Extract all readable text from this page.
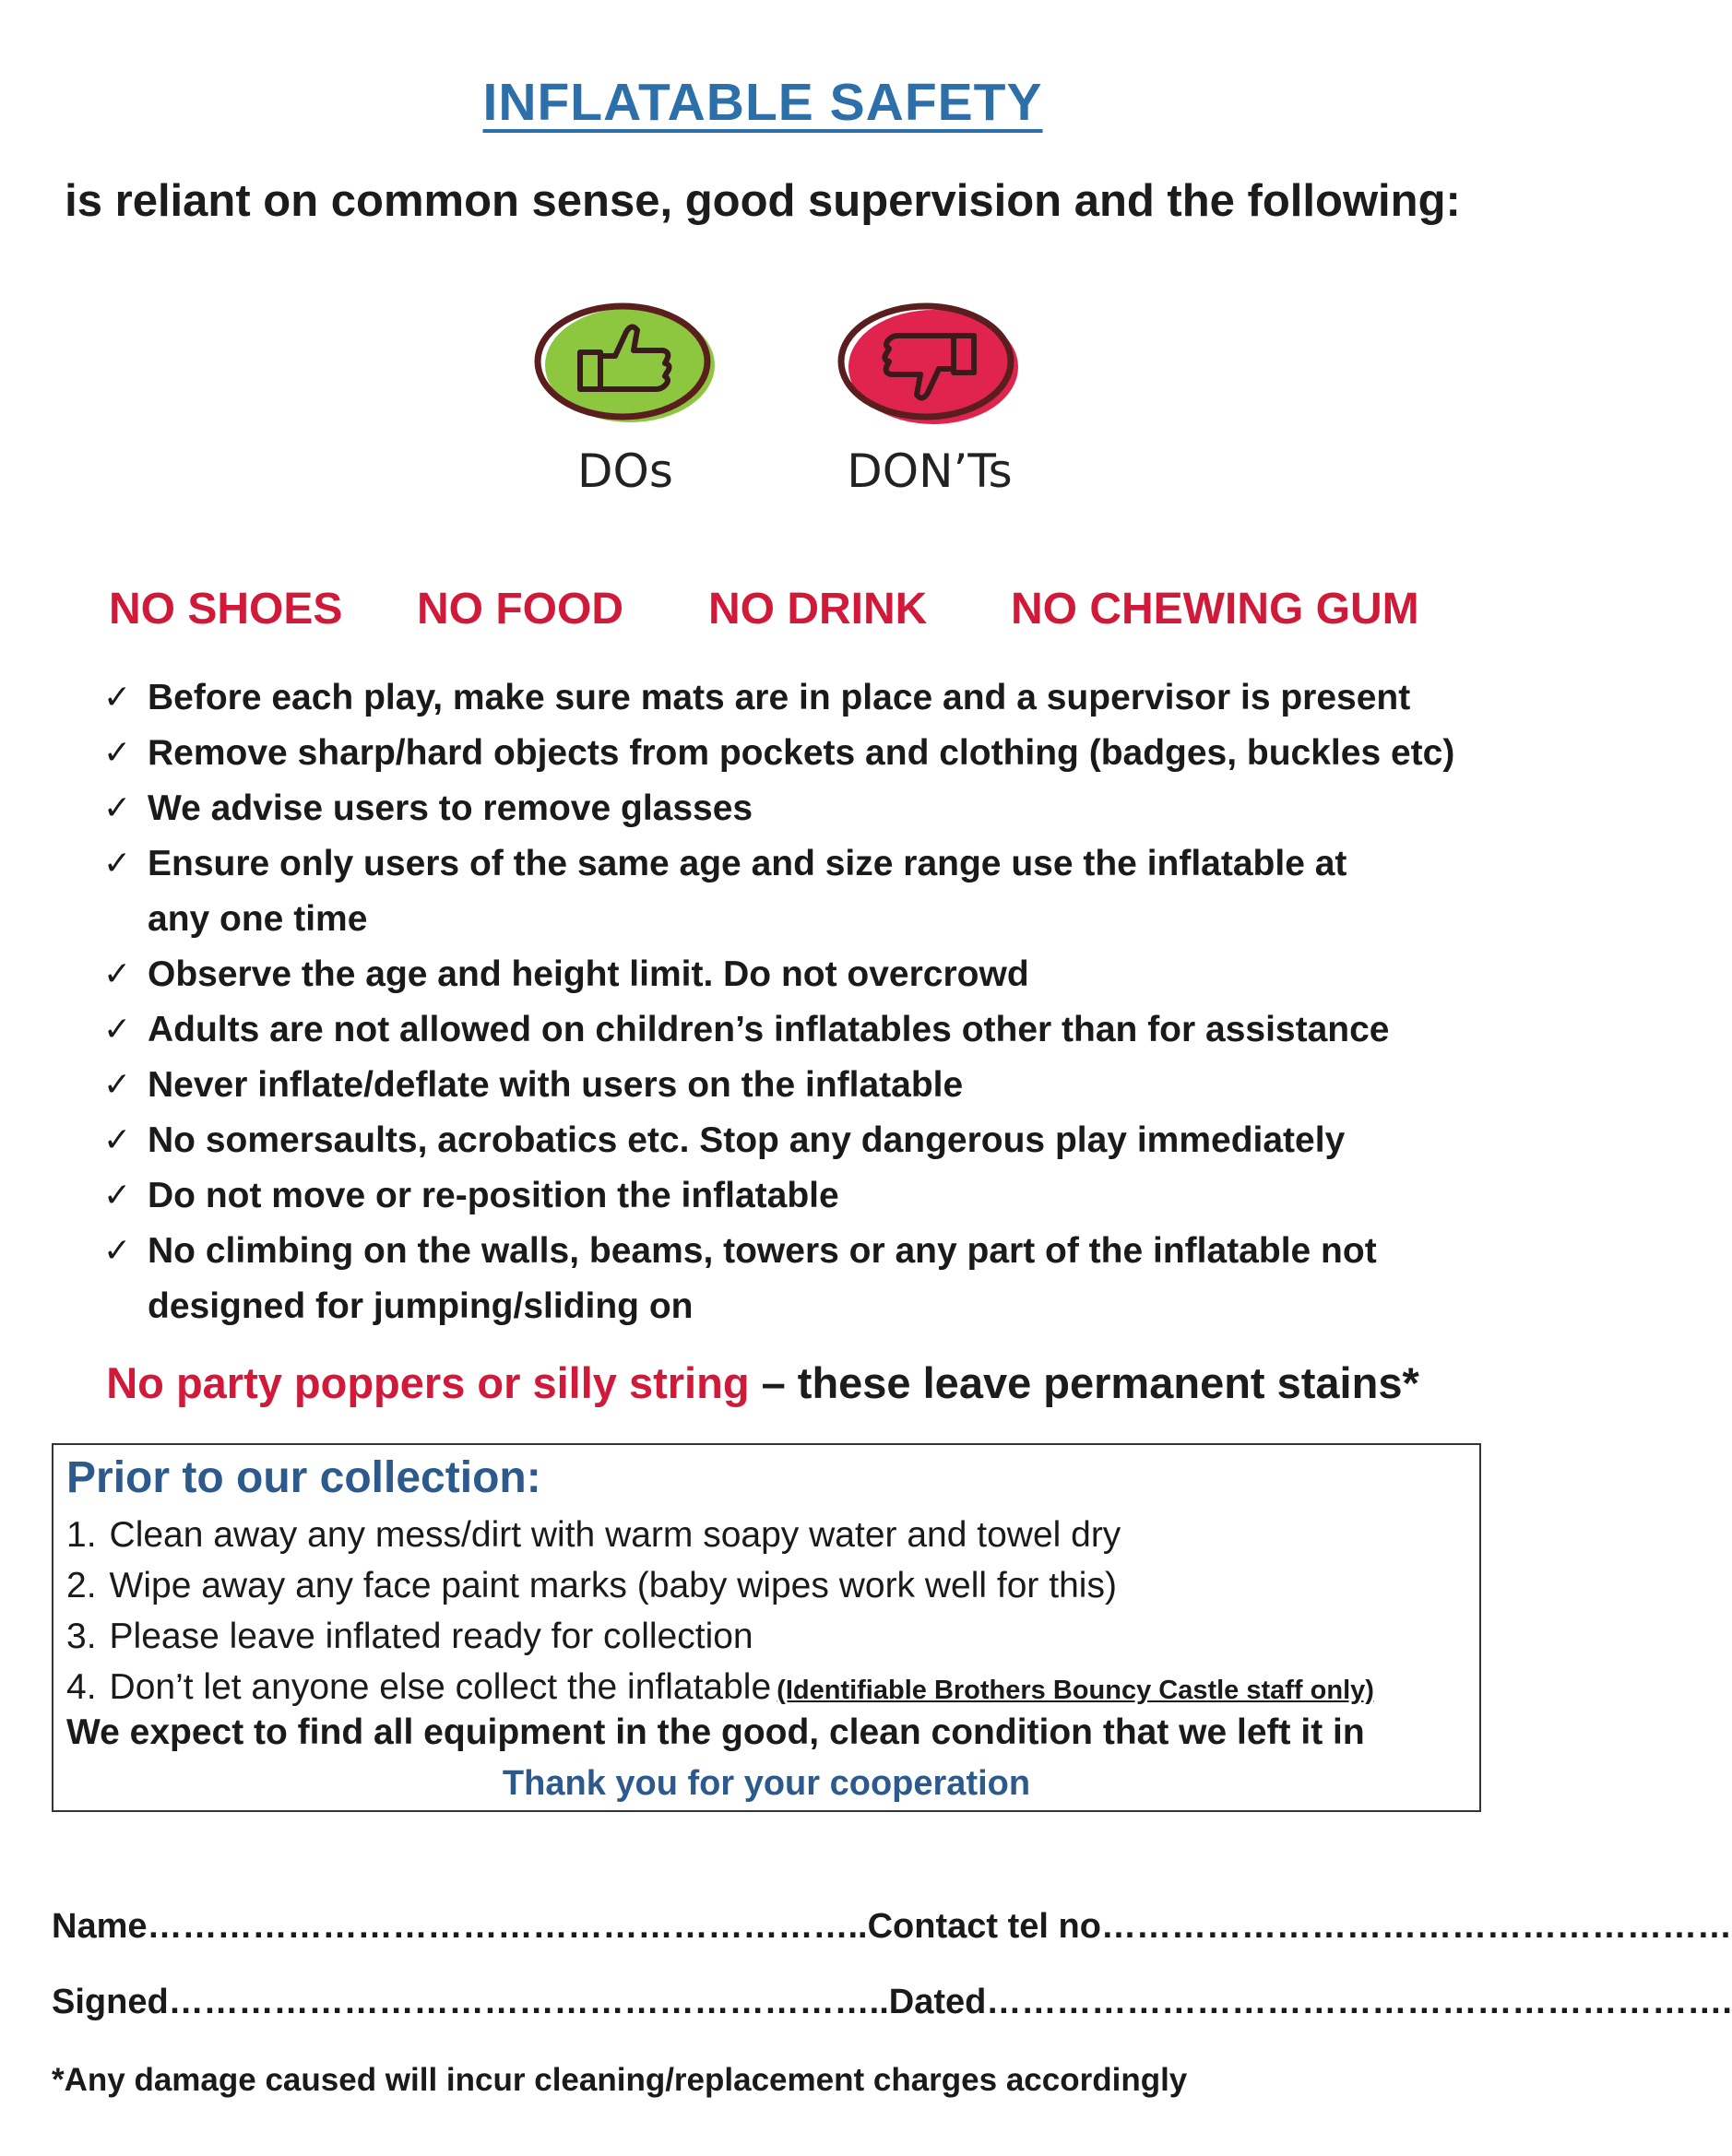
INFLATABLE SAFETY
is reliant on common sense, good supervision and the following:
DOs	DON’Ts
NO SHOES NO FOOD NO DRINK NO CHEWING GUM
✓ Before each play, make sure mats are in place and a supervisor is present
✓ Remove sharp/hard objects from pockets and clothing (badges, buckles etc)
✓ We advise users to remove glasses
✓ Ensure only users of the same age and size range use the inflatable at any one time
✓ Observe the age and height limit. Do not overcrowd
✓ Adults are not allowed on children’s inflatables other than for assistance
✓ Never inflate/deflate with users on the inflatable
✓ No somersaults, acrobatics etc. Stop any dangerous play immediately
✓ Do not move or re-position the inflatable
✓ No climbing on the walls, beams, towers or any part of the inflatable not designed for jumping/sliding on
No party poppers or silly string – these leave permanent stains*
Prior to our collection:
1. Clean away any mess/dirt with warm soapy water and towel dry
2. Wipe away any face paint marks (baby wipes work well for this)
3. Please leave inflated ready for collection
4. Don’t let anyone else collect the inflatable (Identifiable Brothers Bouncy Castle staff only)
We expect to find all equipment in the good, clean condition that we left it in
Thank you for your cooperation
Name……………………………………………………..Contact tel no………………………………………………
Signed……………………………………………………..Dated……………………………………………………….
*Any damage caused will incur cleaning/replacement charges accordingly
